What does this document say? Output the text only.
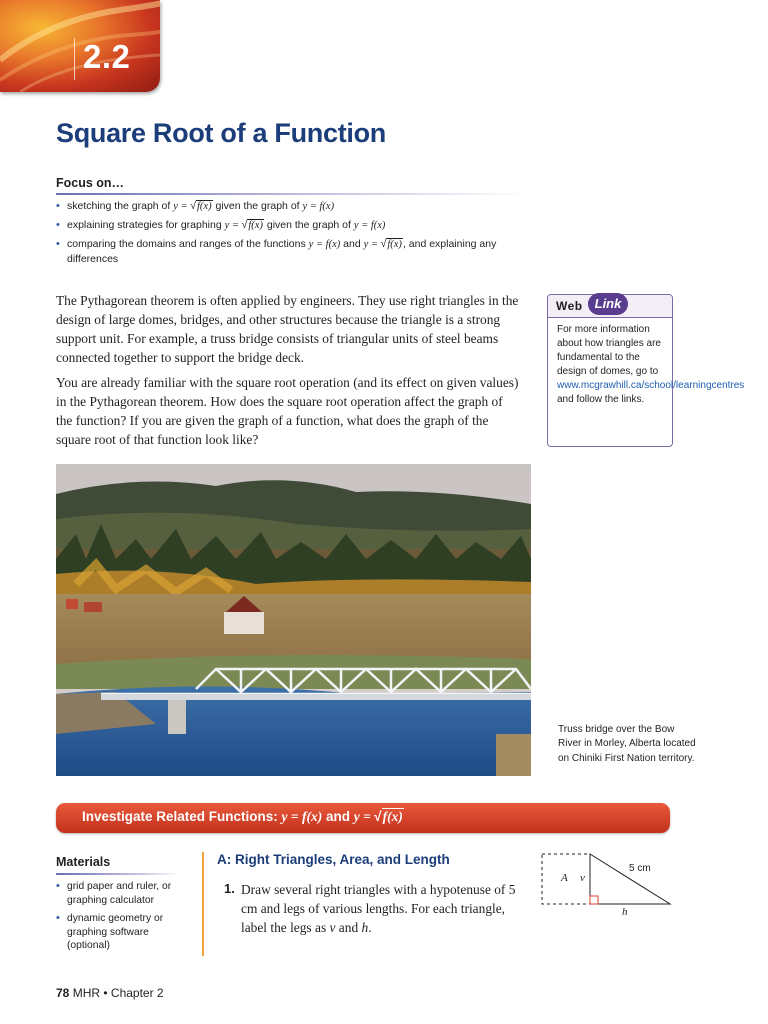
2.2
Square Root of a Function
Focus on…
• sketching the graph of y = √f(x) given the graph of y = f(x)
• explaining strategies for graphing y = √f(x) given the graph of y = f(x)
• comparing the domains and ranges of the functions y = f(x) and y = √f(x), and explaining any differences
The Pythagorean theorem is often applied by engineers. They use right triangles in the design of large domes, bridges, and other structures because the triangle is a strong support unit. For example, a truss bridge consists of triangular units of steel beams connected together to support the bridge deck.
You are already familiar with the square root operation (and its effect on given values) in the Pythagorean theorem. How does the square root operation affect the graph of the function? If you are given the graph of a function, what does the graph of the square root of that function look like?
Web Link
For more information about how triangles are fundamental to the design of domes, go to www.mcgrawhill.ca/school/learningcentres and follow the links.
Truss bridge over the Bow River in Morley, Alberta located on Chiniki First Nation territory.
Investigate Related Functions: y = f(x) and y = √f(x)
Materials
• grid paper and ruler, or graphing calculator
• dynamic geometry or graphing software (optional)
A: Right Triangles, Area, and Length
1. Draw several right triangles with a hypotenuse of 5 cm and legs of various lengths. For each triangle, label the legs as v and h.
A v
5 cm
h
78 MHR • Chapter 2
